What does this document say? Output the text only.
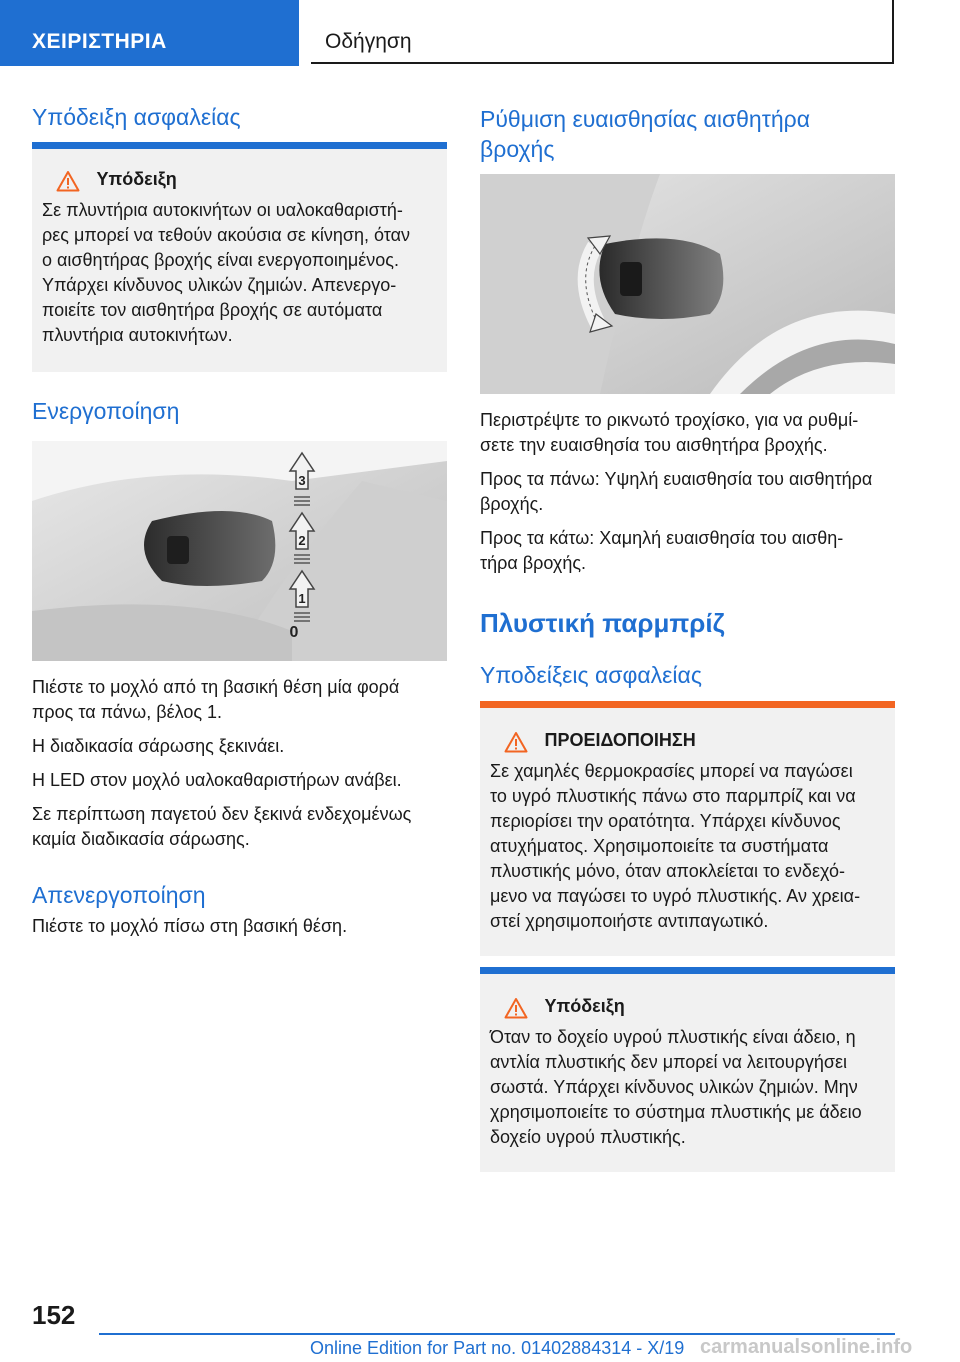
ΧΕΙΡΙΣΤΗΡΙΑ	Οδήγηση
Υπόδειξη ασφαλείας
Υπόδειξη

Σε πλυντήρια αυτοκινήτων οι υαλοκαθαριστή-

ρες μπορεί να τεθούν ακούσια σε κίνηση, όταν

ο αισθητήρας βροχής είναι ενεργοποιημένος.

Υπάρχει κίνδυνος υλικών ζημιών. Απενεργο-

ποιείτε τον αισθητήρα βροχής σε αυτόματα

πλυντήρια αυτοκινήτων.

Ενεργοποίηση
3
2
1
0

Πιέστε το μοχλό από τη βασική θέση μία φορά

προς τα πάνω, βέλος 1.

Η διαδικασία σάρωσης ξεκινάει.

Η LED στον μοχλό υαλοκαθαριστήρων ανάβει.

Σε περίπτωση παγετού δεν ξεκινά ενδεχομένως

καμία διαδικασία σάρωσης.

Απενεργοποίηση

Πιέστε το μοχλό πίσω στη βασική θέση.

Ρύθμιση ευαισθησίας αισθητήρα
βροχής

Περιστρέψτε το ρικνωτό τροχίσκο, για να ρυθμί-

σετε την ευαισθησία του αισθητήρα βροχής.

Προς τα πάνω: Υψηλή ευαισθησία του αισθητήρα

βροχής.

Προς τα κάτω: Χαμηλή ευαισθησία του αισθη-

τήρα βροχής.

Πλυστική παρμπρίζ
Υποδείξεις ασφαλείας
ΠΡΟΕΙΔΟΠΟΙΗΣΗ

Σε χαμηλές θερμοκρασίες μπορεί να παγώσει

το υγρό πλυστικής πάνω στο παρμπρίζ και να

περιορίσει την ορατότητα. Υπάρχει κίνδυνος

ατυχήματος. Χρησιμοποιείτε τα συστήματα

πλυστικής μόνο, όταν αποκλείεται το ενδεχό-

μενο να παγώσει το υγρό πλυστικής. Αν χρεια-

στεί χρησιμοποιήστε αντιπαγωτικό.

Υπόδειξη

Όταν το δοχείο υγρού πλυστικής είναι άδειο, η

αντλία πλυστικής δεν μπορεί να λειτουργήσει

σωστά. Υπάρχει κίνδυνος υλικών ζημιών. Μην

χρησιμοποιείτε το σύστημα πλυστικής με άδειο

δοχείο υγρού πλυστικής.

152
Online Edition for Part no. 01402884314 - X/19 carmanualsonline.info
